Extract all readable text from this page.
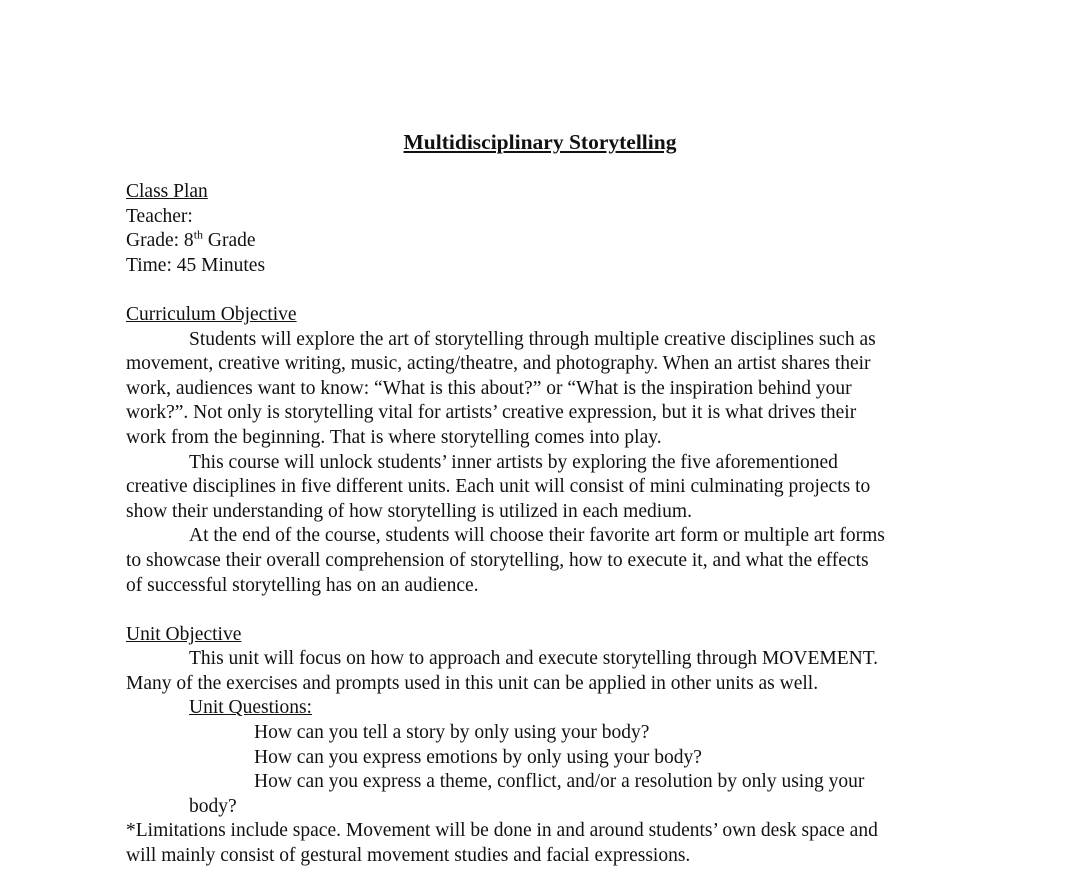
Multidisciplinary Storytelling
Class Plan
Teacher:
Grade: 8th Grade
Time: 45 Minutes
Curriculum Objective
Students will explore the art of storytelling through multiple creative disciplines such as
movement, creative writing, music, acting/theatre, and photography. When an artist shares their
work, audiences want to know: “What is this about?” or “What is the inspiration behind your
work?”. Not only is storytelling vital for artists’ creative expression, but it is what drives their
work from the beginning. That is where storytelling comes into play.
This course will unlock students’ inner artists by exploring the five aforementioned
creative disciplines in five different units. Each unit will consist of mini culminating projects to
show their understanding of how storytelling is utilized in each medium.
At the end of the course, students will choose their favorite art form or multiple art forms
to showcase their overall comprehension of storytelling, how to execute it, and what the effects
of successful storytelling has on an audience.
Unit Objective
This unit will focus on how to approach and execute storytelling through MOVEMENT.
Many of the exercises and prompts used in this unit can be applied in other units as well.
Unit Questions:
How can you tell a story by only using your body?
How can you express emotions by only using your body?
How can you express a theme, conflict, and/or a resolution by only using your
body?
*Limitations include space. Movement will be done in and around students’ own desk space and
will mainly consist of gestural movement studies and facial expressions.
